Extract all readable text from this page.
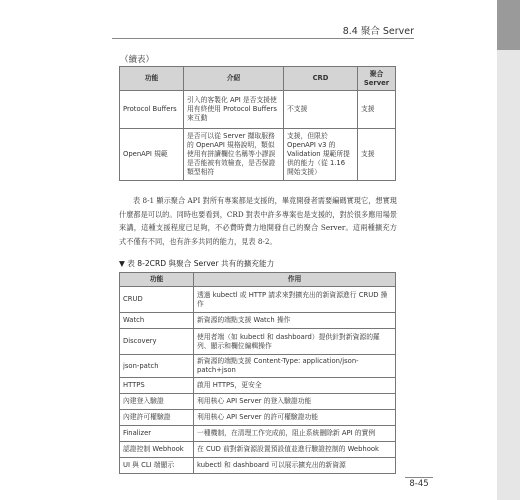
8.4 聚合 Server
（續表）
功能	介紹	CRD	聚合 Server
Protocol Buffers	引入的客製化 API 是否支援使用有終使用 Protocol Buffers 來互動	不支援	支援
OpenAPI 規範	是否可以從 Server 擷取服務的 OpenAPI 規格說明，類似使用有拼讀欄位名稱等小謬誤是否能被有效檢查，是否保證類型相符	支援，但限於 OpenAPI v3 的 Validation 規範所提供的能力（從 1.16 開始支援）	支援

表 8-1 顯示聚合 API 對所有專案都是支援的，畢竟開發者需要編碼實現它，想實現什麼都是可以的。同時也要看到，CRD 對表中許多專案也是支援的，對於很多應用場景來講，這種支援程度已足夠，不必費時費力地開發自己的聚合 Server。這兩種擴充方式不僅有不同，也有許多共同的能力，見表 8-2。

▼ 表 8-2CRD 與聚合 Server 共有的擴充能力
功能	作用
CRUD	透過 kubectl 或 HTTP 請求來對擴充出的新資源進行 CRUD 操作
Watch	新資源的端點支援 Watch 操作
Discovery	使用者端（如 kubectl 和 dashboard）提供針對新資源的羅列、顯示和欄位編輯操作
json-patch	新資源的端點支援 Content-Type: application/json-patch+json
HTTPS	啟用 HTTPS，更安全
內建登入驗證	利用核心 API Server 的登入驗證功能
內建許可權驗證	利用核心 API Server 的許可權驗證功能
Finalizer	一種機制，在清理工作完成前，阻止系統刪除新 API 的實例
認證控制 Webhook	在 CUD 前對新資源設置預設值並進行驗證控制的 Webhook
UI 與 CLI 端顯示	kubectl 和 dashboard 可以展示擴充出的新資源
8-45
